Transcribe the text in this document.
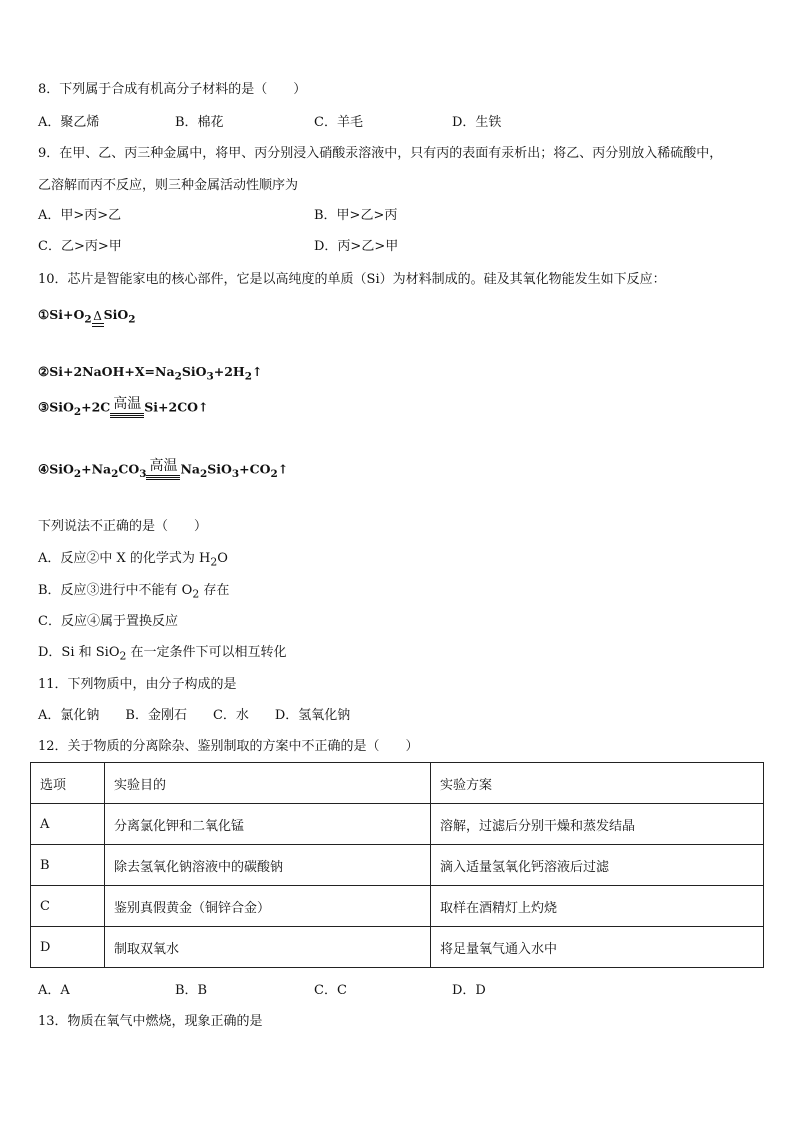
8．下列属于合成有机高分子材料的是（　　）
A．聚乙烯	B．棉花	C．羊毛	D．生铁
9．在甲、乙、丙三种金属中，将甲、丙分别浸入硝酸汞溶液中，只有丙的表面有汞析出；将乙、丙分别放入稀硫酸中，
乙溶解而丙不反应，则三种金属活动性顺序为
A．甲>丙>乙	B．甲>乙>丙
C．乙>丙>甲	D．丙>乙>甲
10．芯片是智能家电的核心部件，它是以高纯度的单质（Si）为材料制成的。硅及其氧化物能发生如下反应：
$①Si+O_2$ Δ SiO$_2$
$②Si+2NaOH+X=Na_2SiO_3+2H_2↑$
③SiO$_2$+2C 高温 Si+2CO↑
$④SiO_2+Na_2CO_3$ 高温 $Na_2SiO_3+CO_2↑$
下列说法不正确的是（　　）
A．反应②中 X 的化学式为 $H_2O$
B．反应③进行中不能有 $O_2$ 存在
C．反应④属于置换反应
D．Si 和 SiO$_2$ 在一定条件下可以相互转化
11．下列物质中，由分子构成的是
A．氯化钠　　B．金刚石　　C．水　　D．氢氧化钠
12．关于物质的分离除杂、鉴别制取的方案中不正确的是（　　）
选项	实验目的	实验方案
A	分离氯化钾和二氧化锰	溶解，过滤后分别干燥和蒸发结晶
B	除去氢氧化钠溶液中的碳酸钠	滴入适量氢氧化钙溶液后过滤
C	鉴别真假黄金（铜锌合金）	取样在酒精灯上灼烧
D	制取双氧水	将足量氧气通入水中
A．A	B．B	C．C	D．D
13．物质在氧气中燃烧，现象正确的是
